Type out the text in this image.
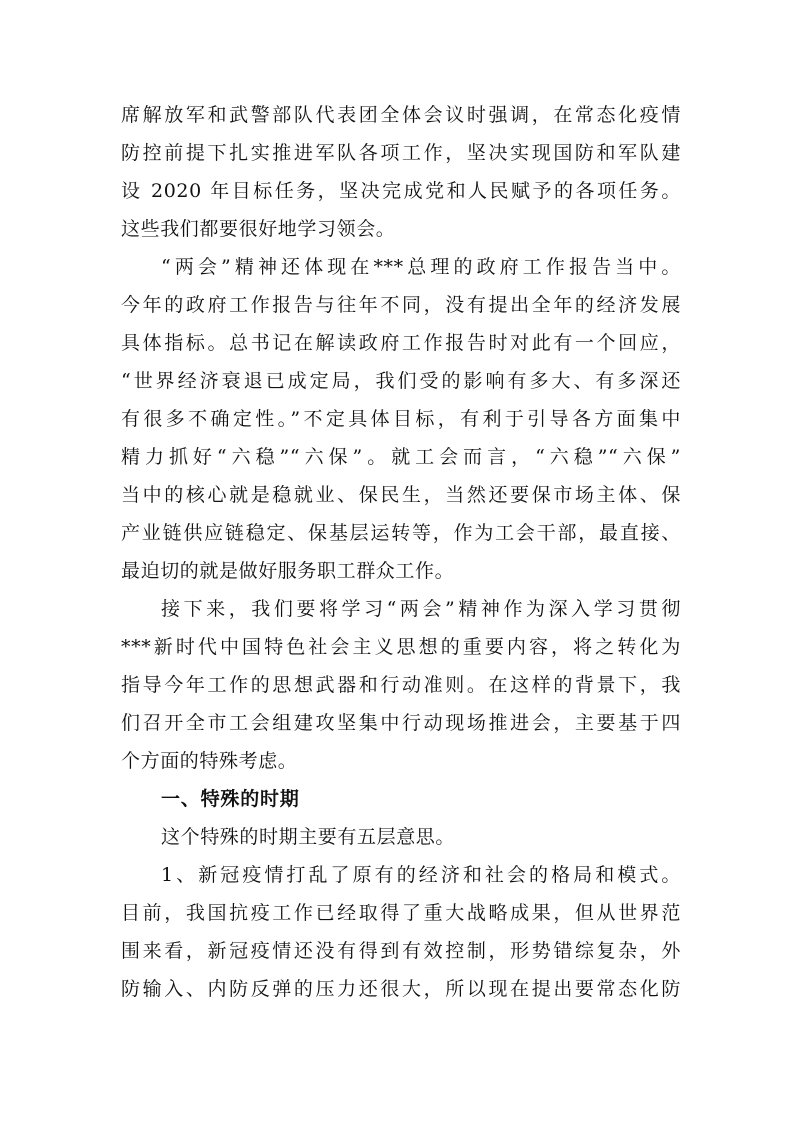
席解放军和武警部队代表团全体会议时强调，在常态化疫情
防控前提下扎实推进军队各项工作，坚决实现国防和军队建
设 2020 年目标任务，坚决完成党和人民赋予的各项任务。
这些我们都要很好地学习领会。
“两会”精神还体现在***总理的政府工作报告当中。
今年的政府工作报告与往年不同，没有提出全年的经济发展
具体指标。总书记在解读政府工作报告时对此有一个回应，
“世界经济衰退已成定局，我们受的影响有多大、有多深还
有很多不确定性。”不定具体目标，有利于引导各方面集中
精力抓好“六稳”“六保”。就工会而言，“六稳”“六保”
当中的核心就是稳就业、保民生，当然还要保市场主体、保
产业链供应链稳定、保基层运转等，作为工会干部，最直接、
最迫切的就是做好服务职工群众工作。
接下来，我们要将学习“两会”精神作为深入学习贯彻
***新时代中国特色社会主义思想的重要内容，将之转化为
指导今年工作的思想武器和行动准则。在这样的背景下，我
们召开全市工会组建攻坚集中行动现场推进会，主要基于四
个方面的特殊考虑。
一、特殊的时期
这个特殊的时期主要有五层意思。
1、新冠疫情打乱了原有的经济和社会的格局和模式。
目前，我国抗疫工作已经取得了重大战略成果，但从世界范
围来看，新冠疫情还没有得到有效控制，形势错综复杂，外
防输入、内防反弹的压力还很大，所以现在提出要常态化防
